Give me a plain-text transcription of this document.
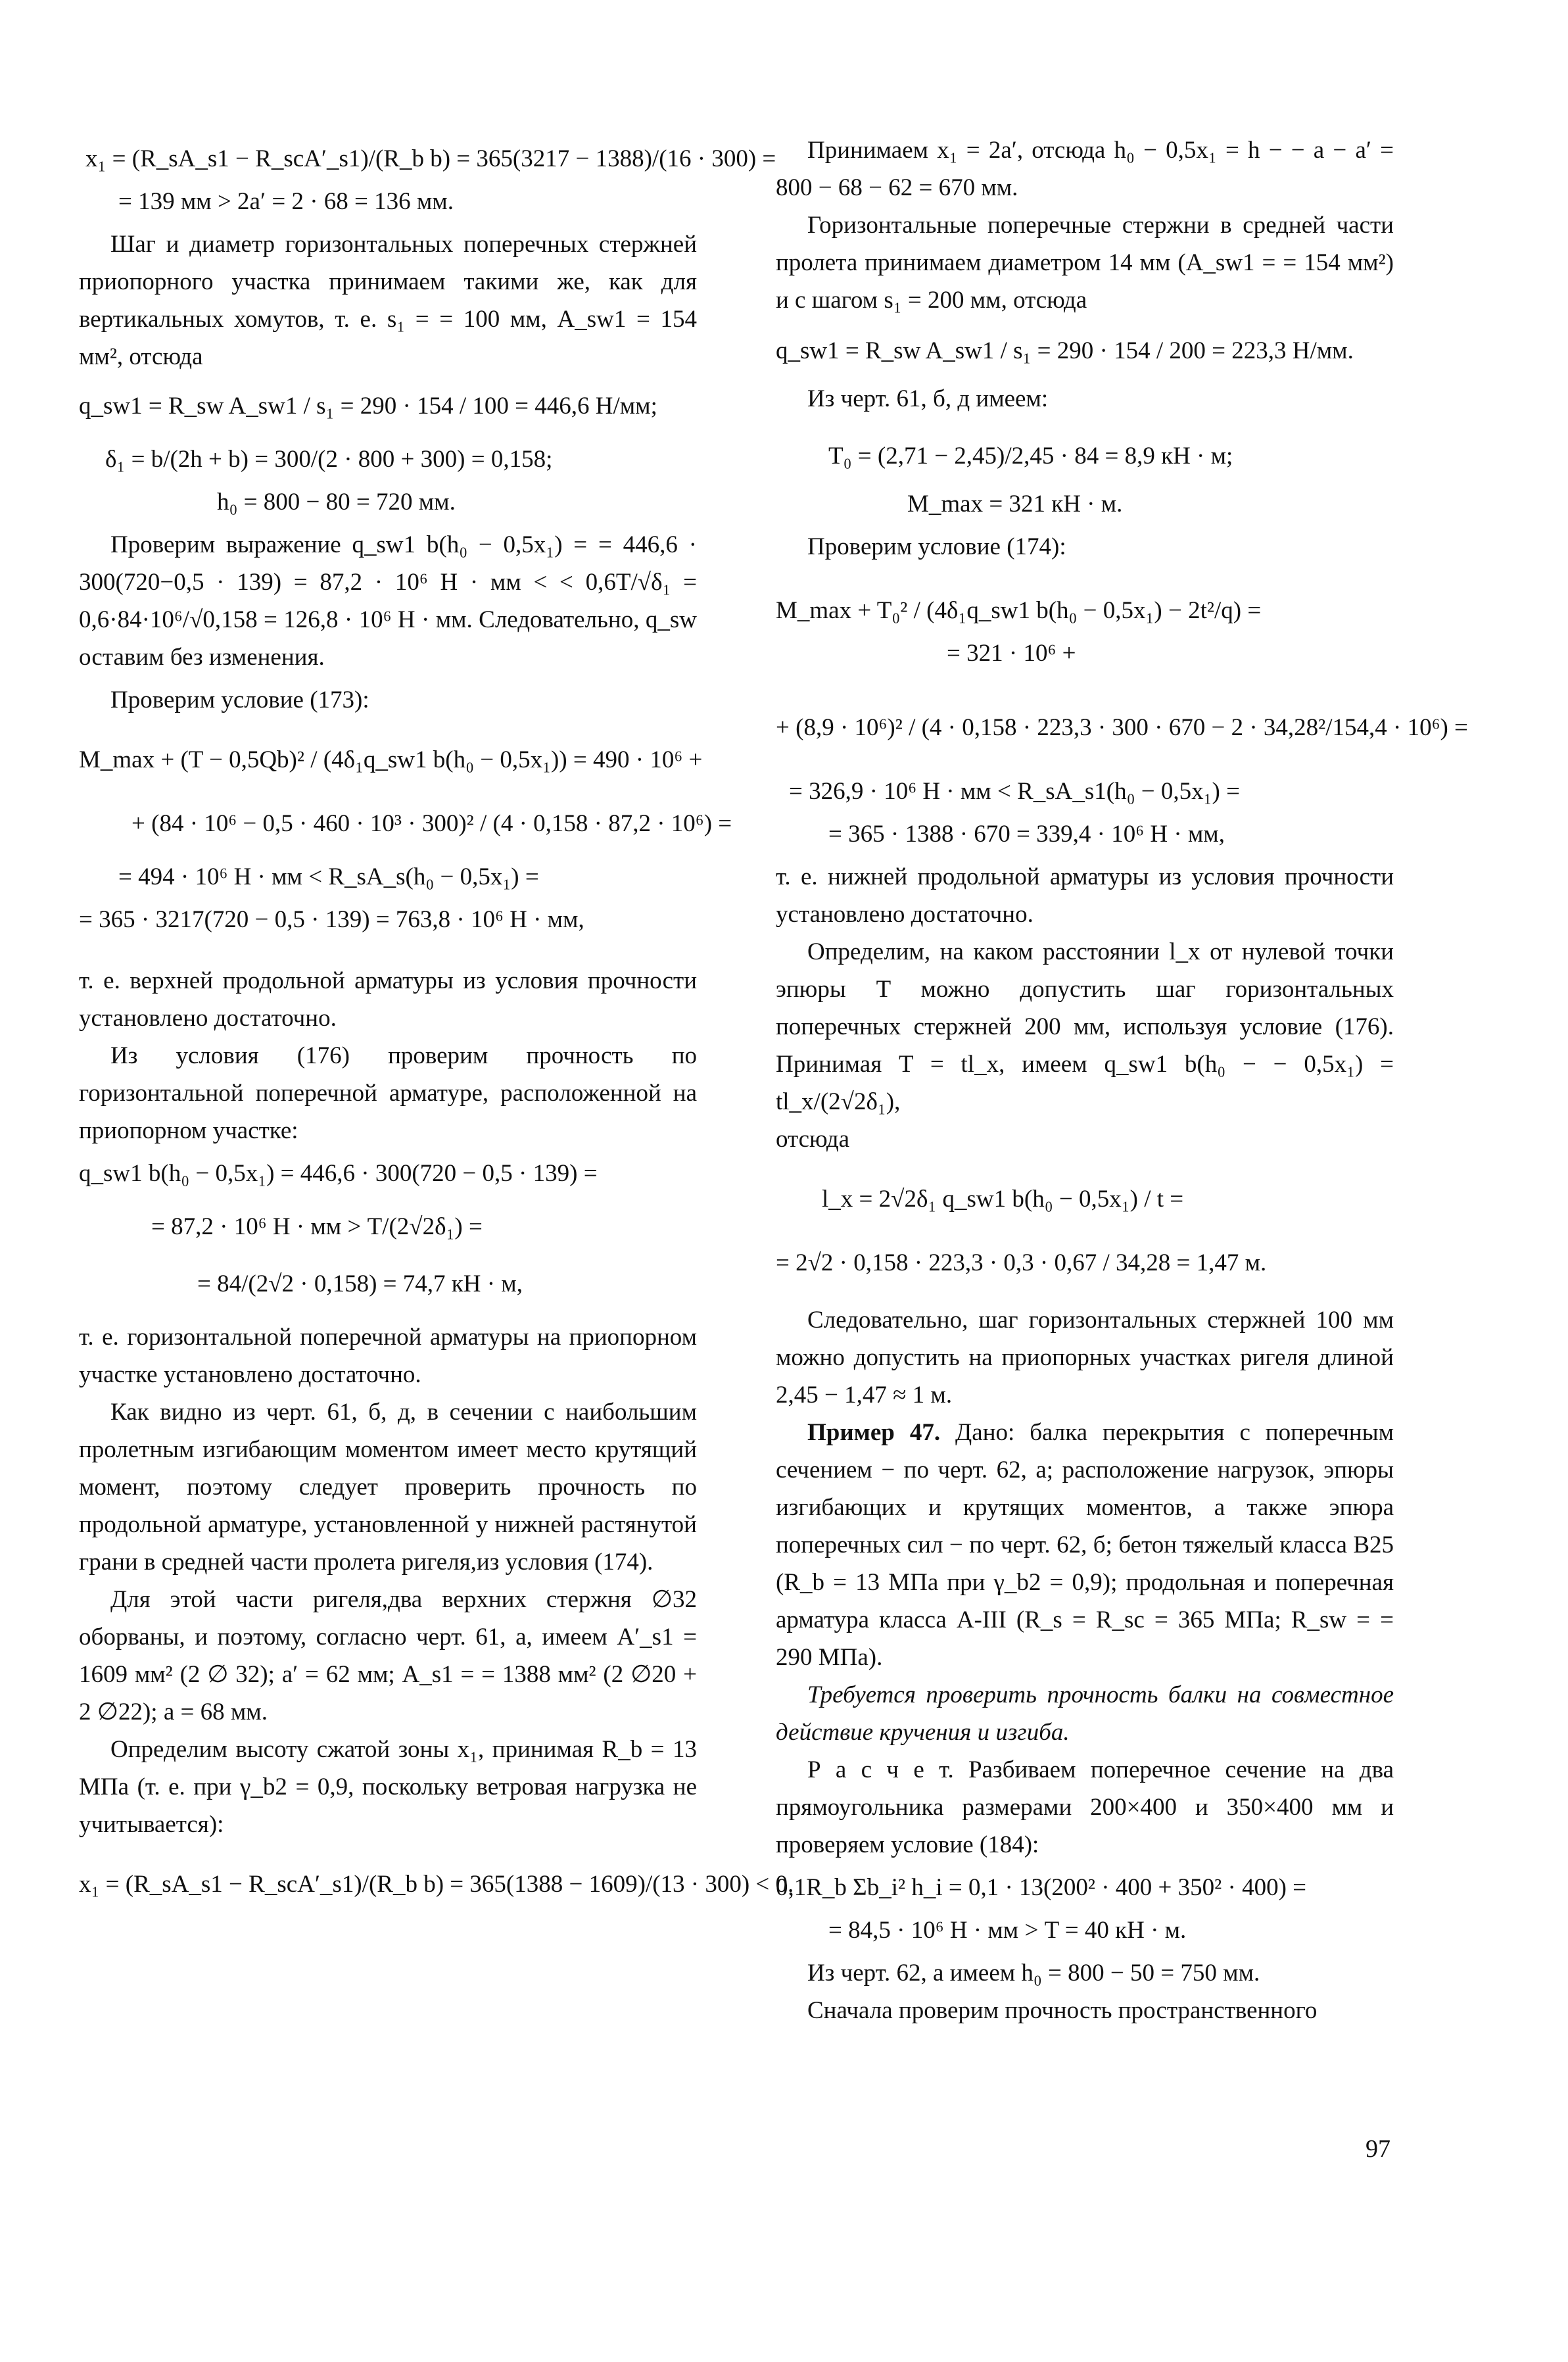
x₁ = (R_sA_s1 − R_scA′_s1)/(R_b b) = 365(3217 − 1388)/(16 · 300) =

= 139 мм > 2a′ = 2 · 68 = 136 мм.

Шаг и диаметр горизонтальных поперечных стержней приопорного участка принимаем такими же, как для вертикальных хомутов, т. е. s₁ = = 100 мм, A_sw1 = 154 мм², отсюда

q_sw1 = R_sw A_sw1 / s₁ = 290 · 154 / 100 = 446,6 Н/мм;

δ₁ = b/(2h + b) = 300/(2 · 800 + 300) = 0,158;

h₀ = 800 − 80 = 720 мм.

Проверим выражение q_sw1 b(h₀ − 0,5x₁) = = 446,6 · 300(720−0,5 · 139) = 87,2 · 10⁶ Н · мм < < 0,6T/√δ₁ = 0,6·84·10⁶/√0,158 = 126,8 · 10⁶ Н · мм. Следовательно, q_sw оставим без изменения.

Проверим условие (173):

M_max + (T − 0,5Qb)² / (4δ₁q_sw1 b(h₀ − 0,5x₁)) = 490 · 10⁶ +

+ (84 · 10⁶ − 0,5 · 460 · 10³ · 300)² / (4 · 0,158 · 87,2 · 10⁶) =

= 494 · 10⁶ Н · мм < R_sA_s(h₀ − 0,5x₁) =

= 365 · 3217(720 − 0,5 · 139) = 763,8 · 10⁶ Н · мм,

т. е. верхней продольной арматуры из условия прочности установлено достаточно.

Из условия (176) проверим прочность по горизонтальной поперечной арматуре, расположенной на приопорном участке:

q_sw1 b(h₀ − 0,5x₁) = 446,6 · 300(720 − 0,5 · 139) =

= 87,2 · 10⁶ Н · мм > T/(2√2δ₁) =

= 84/(2√2 · 0,158) = 74,7 кН · м,

т. е. горизонтальной поперечной арматуры на приопорном участке установлено достаточно.

Как видно из черт. 61, б, д, в сечении с наибольшим пролетным изгибающим моментом имеет место крутящий момент, поэтому следует проверить прочность по продольной арматуре, установленной у нижней растянутой грани в средней части пролета ригеля,из условия (174).

Для этой части ригеля,два верхних стержня ∅32 оборваны, и поэтому, согласно черт. 61, а, имеем A′_s1 = 1609 мм² (2 ∅ 32); a′ = 62 мм; A_s1 = = 1388 мм² (2 ∅20 + 2 ∅22); a = 68 мм.

Определим высоту сжатой зоны x₁, принимая R_b = 13 МПа (т. е. при γ_b2 = 0,9, поскольку ветровая нагрузка не учитывается):

x₁ = (R_sA_s1 − R_scA′_s1)/(R_b b) = 365(1388 − 1609)/(13 · 300) < 0.

Принимаем x₁ = 2a′, отсюда h₀ − 0,5x₁ = h − − a − a′ = 800 − 68 − 62 = 670 мм.

Горизонтальные поперечные стержни в средней части пролета принимаем диаметром 14 мм (A_sw1 = = 154 мм²) и с шагом s₁ = 200 мм, отсюда

q_sw1 = R_sw A_sw1 / s₁ = 290 · 154 / 200 = 223,3 Н/мм.

Из черт. 61, б, д имеем:

T₀ = (2,71 − 2,45)/2,45 · 84 = 8,9 кН · м;

M_max = 321 кН · м.

Проверим условие (174):

M_max + T₀² / (4δ₁q_sw1 b(h₀ − 0,5x₁) − 2t²/q) =

= 321 · 10⁶ +

+ (8,9 · 10⁶)² / (4 · 0,158 · 223,3 · 300 · 670 − 2 · 34,28²/154,4 · 10⁶) =

= 326,9 · 10⁶ Н · мм < R_sA_s1(h₀ − 0,5x₁) =

= 365 · 1388 · 670 = 339,4 · 10⁶ Н · мм,

т. е. нижней продольной арматуры из условия прочности установлено достаточно.

Определим, на каком расстоянии l_x от нулевой точки эпюры T можно допустить шаг горизонтальных поперечных стержней 200 мм, используя условие (176). Принимая T = tl_x, имеем q_sw1 b(h₀ − − 0,5x₁) = tl_x/(2√2δ₁),

отсюда

l_x = 2√2δ₁ q_sw1 b(h₀ − 0,5x₁) / t =

= 2√2 · 0,158 · 223,3 · 0,3 · 0,67 / 34,28 = 1,47 м.

Следовательно, шаг горизонтальных стержней 100 мм можно допустить на приопорных участках ригеля длиной 2,45 − 1,47 ≈ 1 м.

Пример 47. Дано: балка перекрытия с поперечным сечением − по черт. 62, а; расположение нагрузок, эпюры изгибающих и крутящих моментов, а также эпюра поперечных сил − по черт. 62, б; бетон тяжелый класса В25 (R_b = 13 МПа при γ_b2 = 0,9); продольная и поперечная арматура класса А-III (R_s = R_sc = 365 МПа; R_sw = = 290 МПа).

Требуется проверить прочность балки на совместное действие кручения и изгиба.

Р а с ч е т. Разбиваем поперечное сечение на два прямоугольника размерами 200×400 и 350×400 мм и проверяем условие (184):

0,1R_b Σb_i² h_i = 0,1 · 13(200² · 400 + 350² · 400) =

= 84,5 · 10⁶ Н · мм > T = 40 кН · м.

Из черт. 62, а имеем h₀ = 800 − 50 = 750 мм.

Сначала проверим прочность пространственного

97
